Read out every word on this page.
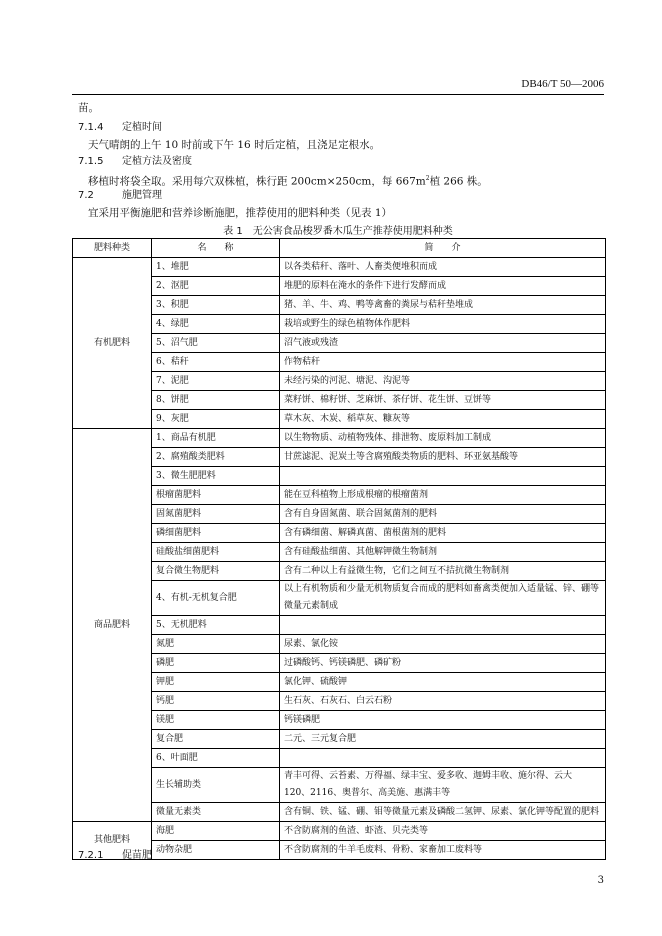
DB46/T 50—2006
苗。
7.1.4 定植时间
天气晴朗的上午 10 时前或下午 16 时后定植，且浇足定根水。
7.1.5 定植方法及密度
移植时将袋全取。采用每穴双株植，株行距 200cm×250cm，每 $667m^2$植 266 株。
7.2	施肥管理
宜采用平衡施肥和营养诊断施肥，推荐使用的肥料种类（见表 1）
表 1　无公害食品梭罗番木瓜生产推荐使用肥料种类
肥料种类	名　　称	简　　介
有机肥料	1、堆肥	以各类秸秆、落叶、人畜类便堆积而成
	2、沤肥	堆肥的原料在淹水的条件下进行发酵而成
	3、积肥	猪、羊、牛、鸡、鸭等禽畜的粪尿与秸秆垫堆成
	4、绿肥	栽培或野生的绿色植物体作肥料
	5、沼气肥	沼气液或残渣
	6、秸秆	作物秸秆
	7、泥肥	未经污染的河泥、塘泥、沟泥等
	8、饼肥	菜籽饼、棉籽饼、芝麻饼、茶仔饼、花生饼、豆饼等
	9、灰肥	草木灰、木炭、稻草灰、糠灰等
商品肥料	1、商品有机肥	以生物物质、动植物残体、排泄物、废原料加工制成
	2、腐殖酸类肥料	甘蔗滤泥、泥炭土等含腐殖酸类物质的肥料、环亚氨基酸等
	3、微生肥肥料	
	根瘤菌肥料	能在豆科植物上形成根瘤的根瘤菌剂
	固氮菌肥料	含有自身固氮菌、联合固氮菌剂的肥料
	磷细菌肥料	含有磷细菌、解磷真菌、菌根菌剂的肥料
	硅酸盐细菌肥料	含有硅酸盐细菌、其他解钾微生物制剂
	复合微生物肥料	含有二种以上有益微生物，它们之间互不拮抗微生物制剂
	4、有机-无机复合肥	以上有机物质和少量无机物质复合而成的肥料如畜禽类便加入适量锰、锌、硼等微量元素制成
	5、无机肥料	
	氮肥	尿素、氯化铵
	磷肥	过磷酸钙、钙镁磷肥、磷矿粉
	钾肥	氯化钾、硫酸钾
	钙肥	生石灰、石灰石、白云石粉
	镁肥	钙镁磷肥
	复合肥	二元、三元复合肥
	6、叶面肥	
	生长辅助类	青丰可得、云苔素、万得福、绿丰宝、爱多收、迦姆丰收、施尔得、云大 120、2116、奥普尔、高美施、惠满丰等
	微量无素类	含有铜、铁、锰、硼、钼等微量元素及磷酸二氢钾、尿素、氯化钾等配置的肥料
其他肥料	海肥	不含防腐剂的鱼渣、虾渣、贝壳类等
	动物杂肥	不含防腐剂的牛羊毛废料、骨粉、家畜加工废料等
7.2.1 促苗肥
3
